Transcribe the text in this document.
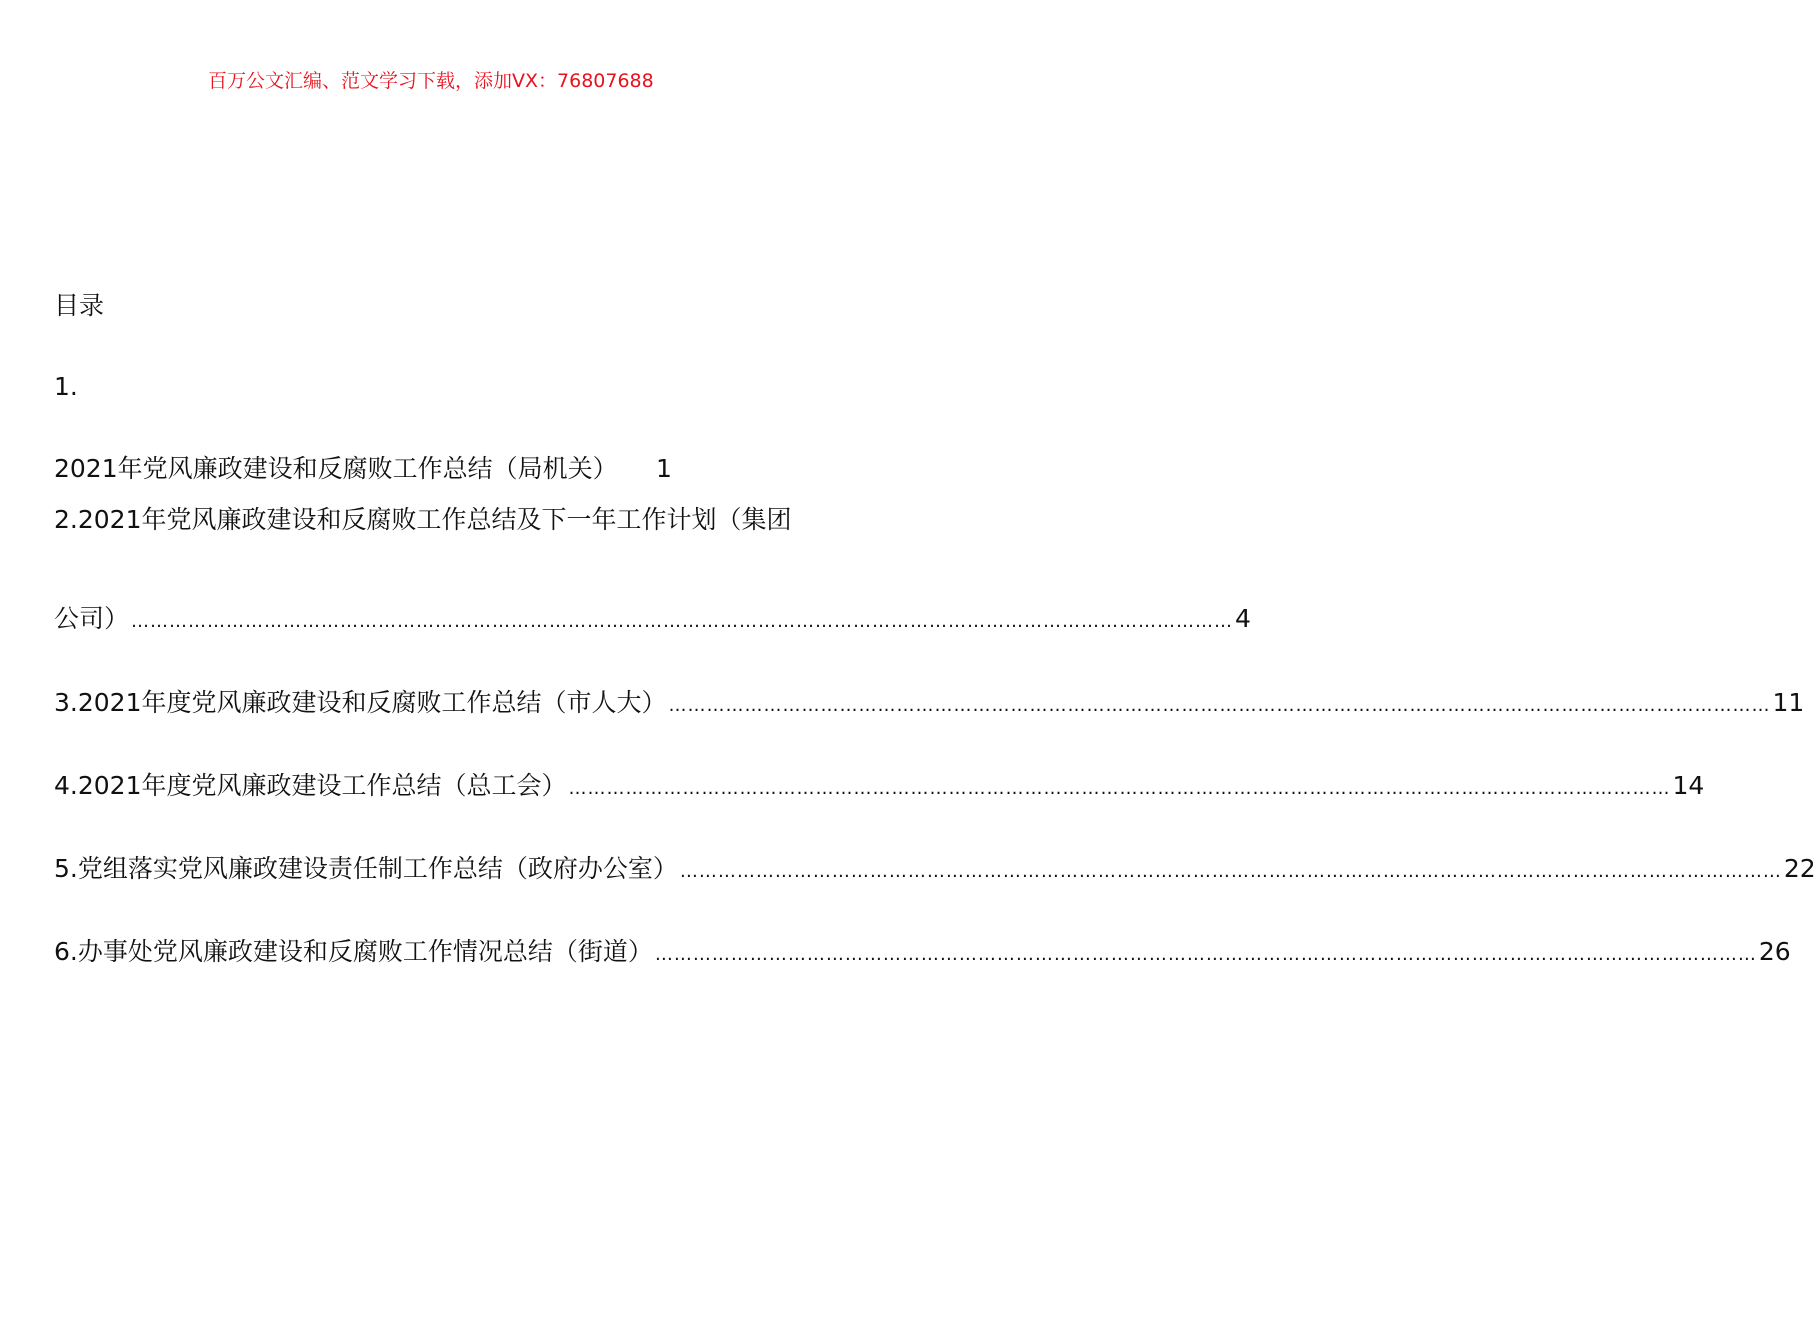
百万公文汇编、范文学习下载，添加VX：76807688
目录
1.
2021年党风廉政建设和反腐败工作总结（局机关） 1
2.2021年党风廉政建设和反腐败工作总结及下一年工作计划（集团
公司） ………………………………………………………………………………………………………………………………………………………… 4
3.2021年度党风廉政建设和反腐败工作总结（市人大） ………………………………………………………………………………………………………………………………………………………… 11
4.2021年度党风廉政建设工作总结（总工会） ………………………………………………………………………………………………………………………………………………………… 14
5.党组落实党风廉政建设责任制工作总结（政府办公室） ………………………………………………………………………………………………………………………………………………………… 22
6.办事处党风廉政建设和反腐败工作情况总结（街道） ………………………………………………………………………………………………………………………………………………………… 26
